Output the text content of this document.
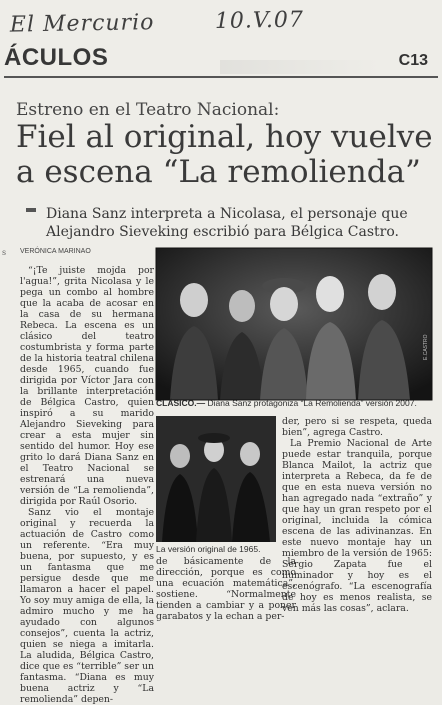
El Mercurio	10.V.07
ÁCULOS	C13
Estreno en el Teatro Nacional:
Fiel al original, hoy vuelve a escena “La remolienda”
Diana Sanz interpreta a Nicolasa, el personaje que Alejandro Sieveking escribió para Bélgica Castro.
s VERÓNICA MARINAO

“¡Te juiste mojda por l'agua!”, grita Nicolasa y le pega un combo al hombre que la acaba de acosar en la casa de su hermana Rebeca. La escena es un clásico del teatro costumbrista y forma parte de la historia teatral chilena desde 1965, cuando fue dirigida por Víctor Jara con la brillante interpretación de Bélgica Castro, quien inspiró a su marido Alejandro Sieveking para crear a esta mujer sin sentido del humor. Hoy ese grito lo dará Diana Sanz en el Teatro Nacional se estrenará una nueva versión de “La remolienda”, dirigida por Raúl Osorio.

Sanz vio el montaje original y recuerda la actuación de Castro como un referente. “Era muy buena, por supuesto, y es un fantasma que me persigue desde que me llamaron a hacer el papel. Yo soy muy amiga de ella, la admiro mucho y me ha ayudado con algunos consejos”, cuenta la actriz, quien se niega a imitarla. La aludida, Bélgica Castro, dice que es “terrible” ser un fantasma. “Diana es muy buena actriz y “La remolienda” depen-

E.CASTRO
CLÁSICO.— Diana Sanz protagoniza “La Remolienda” versión 2007.
La versión original de 1965.
de básicamente de la dirección, porque es como una ecuación matemática”, sostiene. “Normalmente tienden a cambiar y a poner garabatos y la echan a per-

der, pero si se respeta, queda bien”, agrega Castro.

La Premio Nacional de Arte puede estar tranquila, porque Blanca Mailot, la actriz que interpreta a Rebeca, da fe de que en esta nueva versión no han agregado nada “extraño” y que hay un gran respeto por el original, incluida la cómica escena de las adivinanzas. En este nuevo montaje hay un miembro de la versión de 1965: Sergio Zapata fue el iluminador y hoy es el escenógrafo. “La escenografía de hoy es menos realista, se ven más las cosas”, aclara.
